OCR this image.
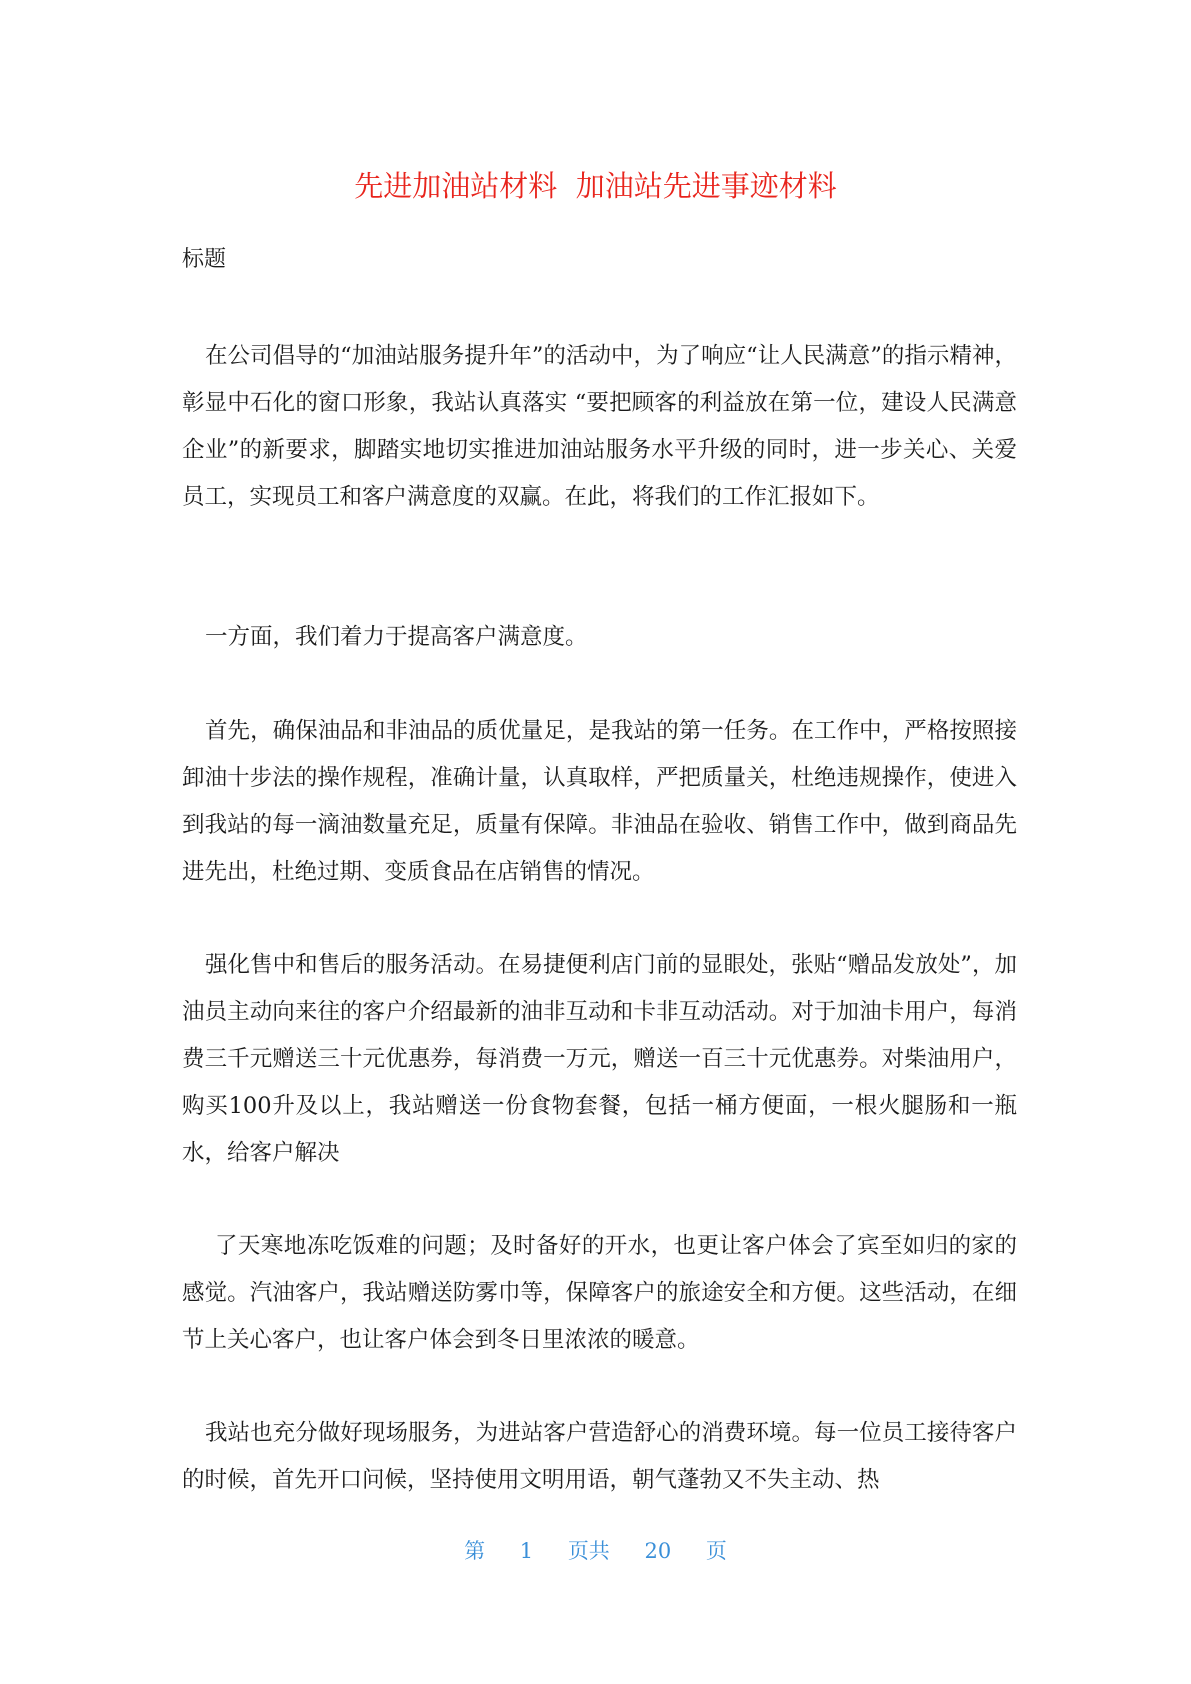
先进加油站材料  加油站先进事迹材料

标题

在公司倡导的“加油站服务提升年”的活动中，为了响应“让人民满意”的指示精神，彰显中石化的窗口形象，我站认真落实 “要把顾客的利益放在第一位，建设人民满意企业”的新要求，脚踏实地切实推进加油站服务水平升级的同时，进一步关心、关爱员工，实现员工和客户满意度的双赢。在此，将我们的工作汇报如下。

一方面，我们着力于提高客户满意度。

首先，确保油品和非油品的质优量足，是我站的第一任务。在工作中，严格按照接卸油十步法的操作规程，准确计量，认真取样，严把质量关，杜绝违规操作，使进入到我站的每一滴油数量充足，质量有保障。非油品在验收、销售工作中，做到商品先进先出，杜绝过期、变质食品在店销售的情况。

强化售中和售后的服务活动。在易捷便利店门前的显眼处，张贴“赠品发放处”，加油员主动向来往的客户介绍最新的油非互动和卡非互动活动。对于加油卡用户，每消费三千元赠送三十元优惠券，每消费一万元，赠送一百三十元优惠券。对柴油用户，购买100升及以上，我站赠送一份食物套餐，包括一桶方便面，一根火腿肠和一瓶水，给客户解决

了天寒地冻吃饭难的问题；及时备好的开水，也更让客户体会了宾至如归的家的感觉。汽油客户，我站赠送防雾巾等，保障客户的旅途安全和方便。这些活动，在细节上关心客户，也让客户体会到冬日里浓浓的暖意。

我站也充分做好现场服务，为进站客户营造舒心的消费环境。每一位员工接待客户的时候，首先开口问候，坚持使用文明用语，朝气蓬勃又不失主动、热

第 1 页共 20 页
